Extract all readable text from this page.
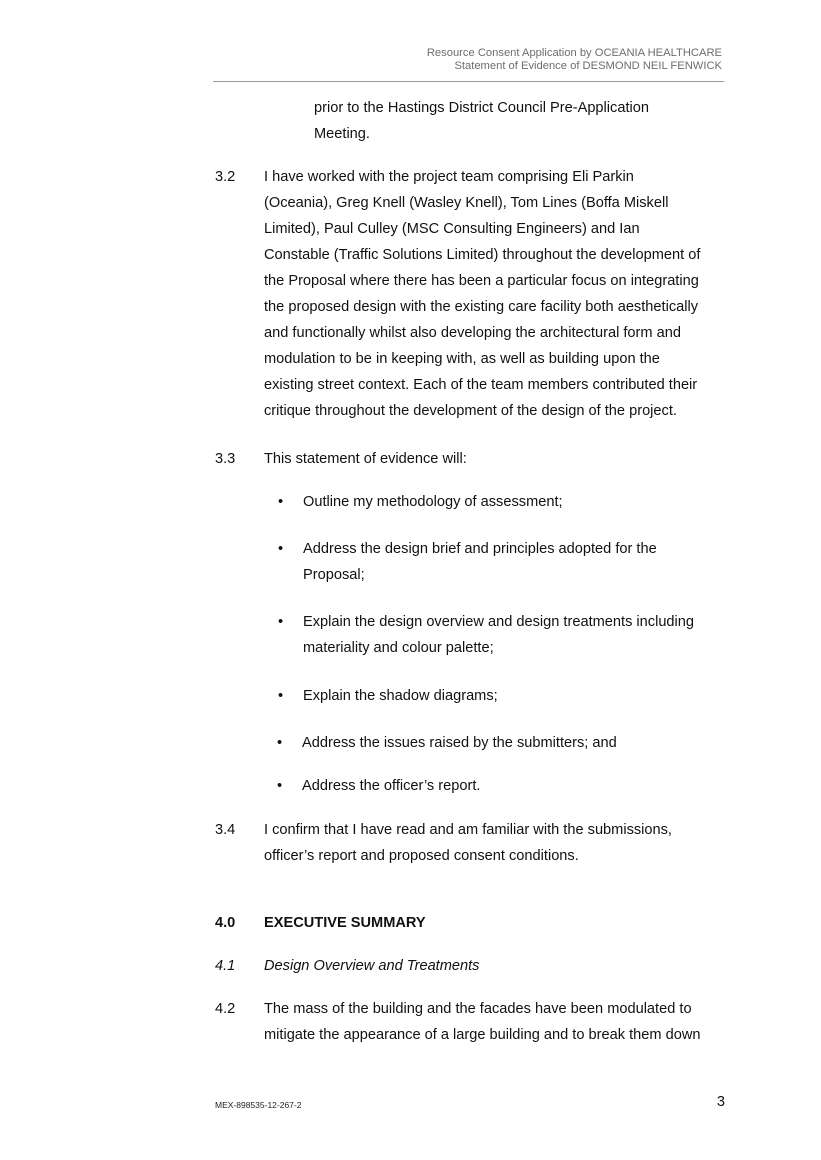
Resource Consent Application by OCEANIA HEALTHCARE
Statement of Evidence of DESMOND NEIL FENWICK
prior to the Hastings District Council Pre-Application
Meeting.
3.2 I have worked with the project team comprising Eli Parkin
(Oceania), Greg Knell (Wasley Knell), Tom Lines (Boffa Miskell
Limited), Paul Culley (MSC Consulting Engineers) and Ian
Constable (Traffic Solutions Limited) throughout the development of
the Proposal where there has been a particular focus on integrating
the proposed design with the existing care facility both aesthetically
and functionally whilst also developing the architectural form and
modulation to be in keeping with, as well as building upon the
existing street context. Each of the team members contributed their
critique throughout the development of the design of the project.
3.3 This statement of evidence will:
• Outline my methodology of assessment;
• Address the design brief and principles adopted for the
Proposal;
• Explain the design overview and design treatments including
materiality and colour palette;
• Explain the shadow diagrams;
• Address the issues raised by the submitters; and
• Address the officer’s report.
3.4 I confirm that I have read and am familiar with the submissions,
officer’s report and proposed consent conditions.
4.0 EXECUTIVE SUMMARY
4.1 Design Overview and Treatments
4.2 The mass of the building and the facades have been modulated to
mitigate the appearance of a large building and to break them down
MEX-898535-12-267-2	3
